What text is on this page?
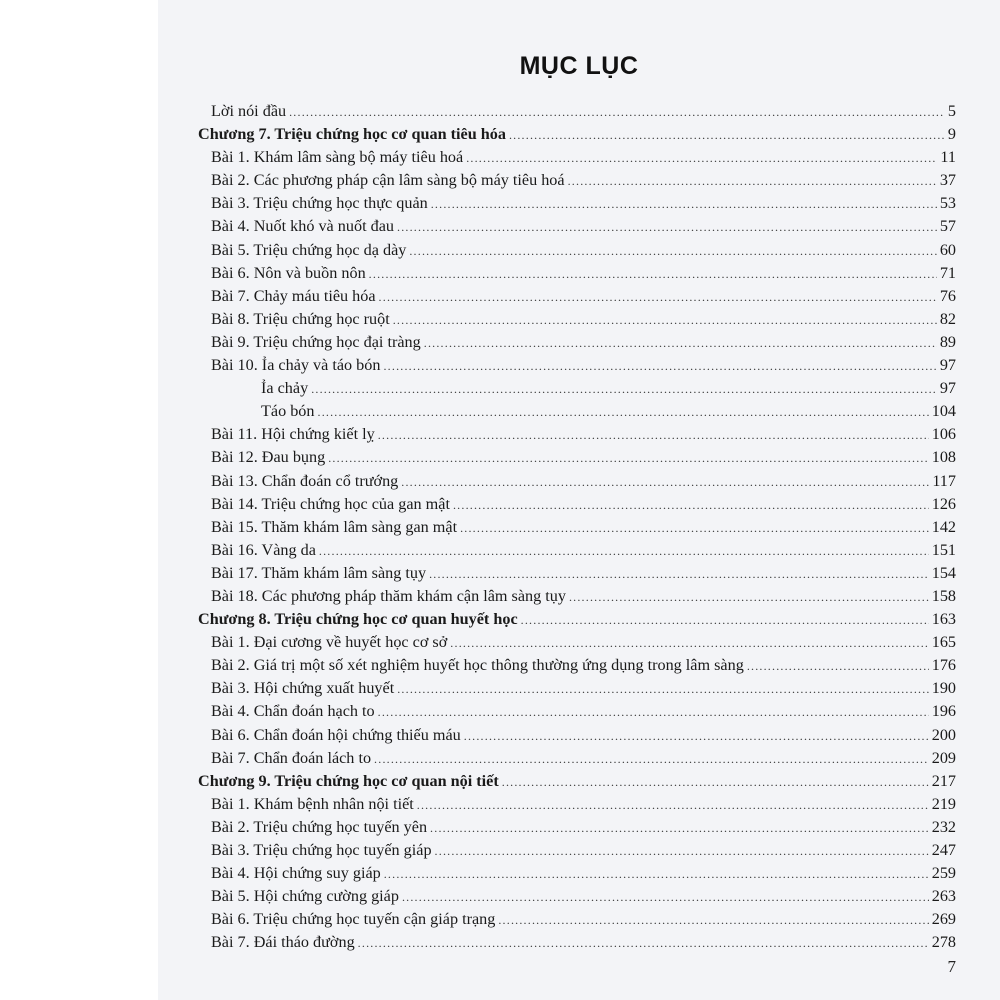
MỤC LỤC
Lời nói đầu .....	5
Chương 7. Triệu chứng học cơ quan tiêu hóa .....	9
Bài 1. Khám lâm sàng bộ máy tiêu hoá .....	11
Bài 2. Các phương pháp cận lâm sàng bộ máy tiêu hoá .....	37
Bài 3. Triệu chứng học thực quản .....	53
Bài 4. Nuốt khó và nuốt đau .....	57
Bài 5. Triệu chứng học dạ dày .....	60
Bài 6. Nôn và buồn nôn .....	71
Bài 7. Chảy máu tiêu hóa .....	76
Bài 8. Triệu chứng học ruột .....	82
Bài 9. Triệu chứng học đại tràng .....	89
Bài 10. Ỉa chảy và táo bón .....	97
Ỉa chảy .....	97
Táo bón .....	104
Bài 11. Hội chứng kiết lỵ .....	106
Bài 12. Đau bụng .....	108
Bài 13. Chẩn đoán cổ trướng .....	117
Bài 14. Triệu chứng học của gan mật .....	126
Bài 15. Thăm khám lâm sàng gan mật .....	142
Bài 16. Vàng da .....	151
Bài 17. Thăm khám lâm sàng tụy .....	154
Bài 18. Các phương pháp thăm khám cận lâm sàng tụy .....	158
Chương 8. Triệu chứng học cơ quan huyết học .....	163
Bài 1. Đại cương về huyết học cơ sở .....	165
Bài 2. Giá trị một số xét nghiệm huyết học thông thường ứng dụng trong lâm sàng .....	176
Bài 3. Hội chứng xuất huyết .....	190
Bài 4. Chẩn đoán hạch to .....	196
Bài 6. Chẩn đoán hội chứng thiếu máu .....	200
Bài 7. Chẩn đoán lách to .....	209
Chương 9. Triệu chứng học cơ quan nội tiết .....	217
Bài 1. Khám bệnh nhân nội tiết .....	219
Bài 2. Triệu chứng học tuyến yên .....	232
Bài 3. Triệu chứng học tuyến giáp .....	247
Bài 4. Hội chứng suy giáp .....	259
Bài 5. Hội chứng cường giáp .....	263
Bài 6. Triệu chứng học tuyến cận giáp trạng .....	269
Bài 7. Đái tháo đường .....	278
7
